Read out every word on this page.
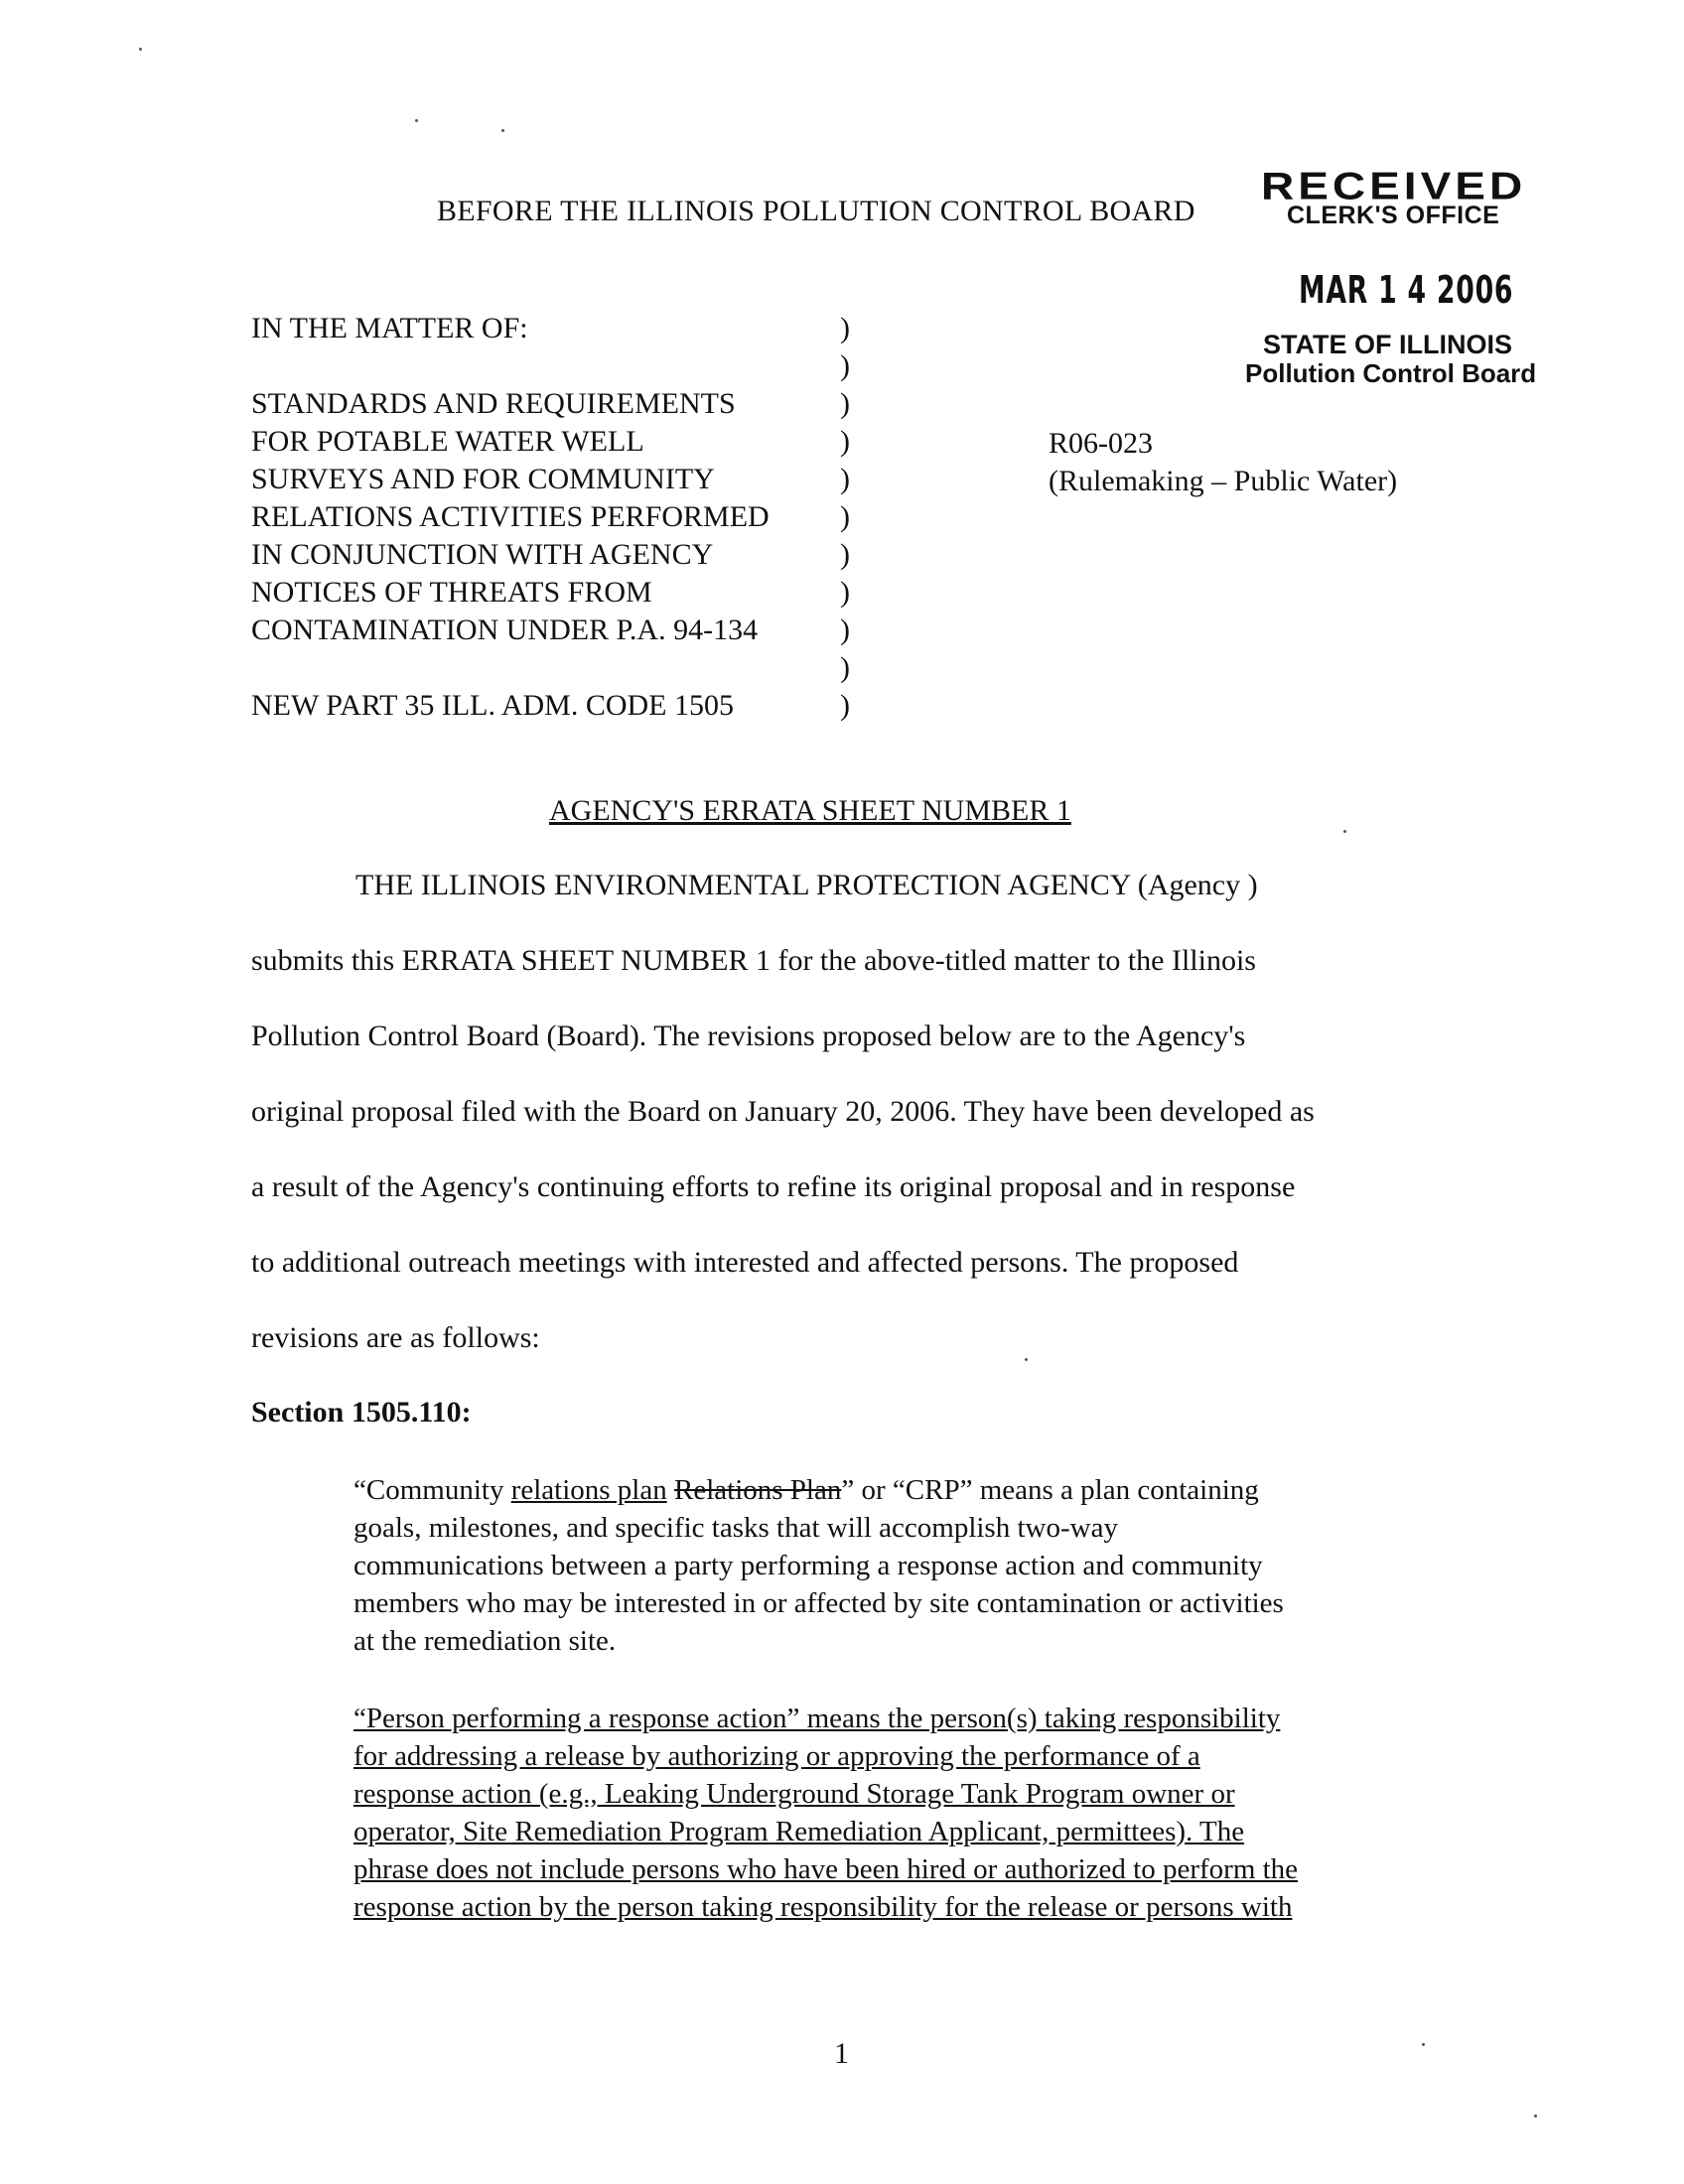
BEFORE THE ILLINOIS POLLUTION CONTROL BOARD
RECEIVED
CLERK'S OFFICE
MAR 1 4 2006
STATE OF ILLINOIS
Pollution Control Board
IN THE MATTER OF:
STANDARDS AND REQUIREMENTS
FOR POTABLE WATER WELL
SURVEYS AND FOR COMMUNITY
RELATIONS ACTIVITIES PERFORMED
IN CONJUNCTION WITH AGENCY
NOTICES OF THREATS FROM
CONTAMINATION UNDER P.A. 94-134
NEW PART 35 ILL. ADM. CODE 1505
)
)
)
)
)
)
)
)
)
)
)
R06-023
(Rulemaking – Public Water)
AGENCY'S ERRATA SHEET NUMBER 1
THE ILLINOIS ENVIRONMENTAL PROTECTION AGENCY (Agency )
submits this ERRATA SHEET NUMBER 1 for the above-titled matter to the Illinois
Pollution Control Board (Board). The revisions proposed below are to the Agency's
original proposal filed with the Board on January 20, 2006. They have been developed as
a result of the Agency's continuing efforts to refine its original proposal and in response
to additional outreach meetings with interested and affected persons. The proposed
revisions are as follows:
Section 1505.110:
“Community relations plan Relations Plan” or “CRP” means a plan containing
goals, milestones, and specific tasks that will accomplish two-way
communications between a party performing a response action and community
members who may be interested in or affected by site contamination or activities
at the remediation site.
“Person performing a response action” means the person(s) taking responsibility
for addressing a release by authorizing or approving the performance of a
response action (e.g., Leaking Underground Storage Tank Program owner or
operator, Site Remediation Program Remediation Applicant, permittees). The
phrase does not include persons who have been hired or authorized to perform the
response action by the person taking responsibility for the release or persons with
1
